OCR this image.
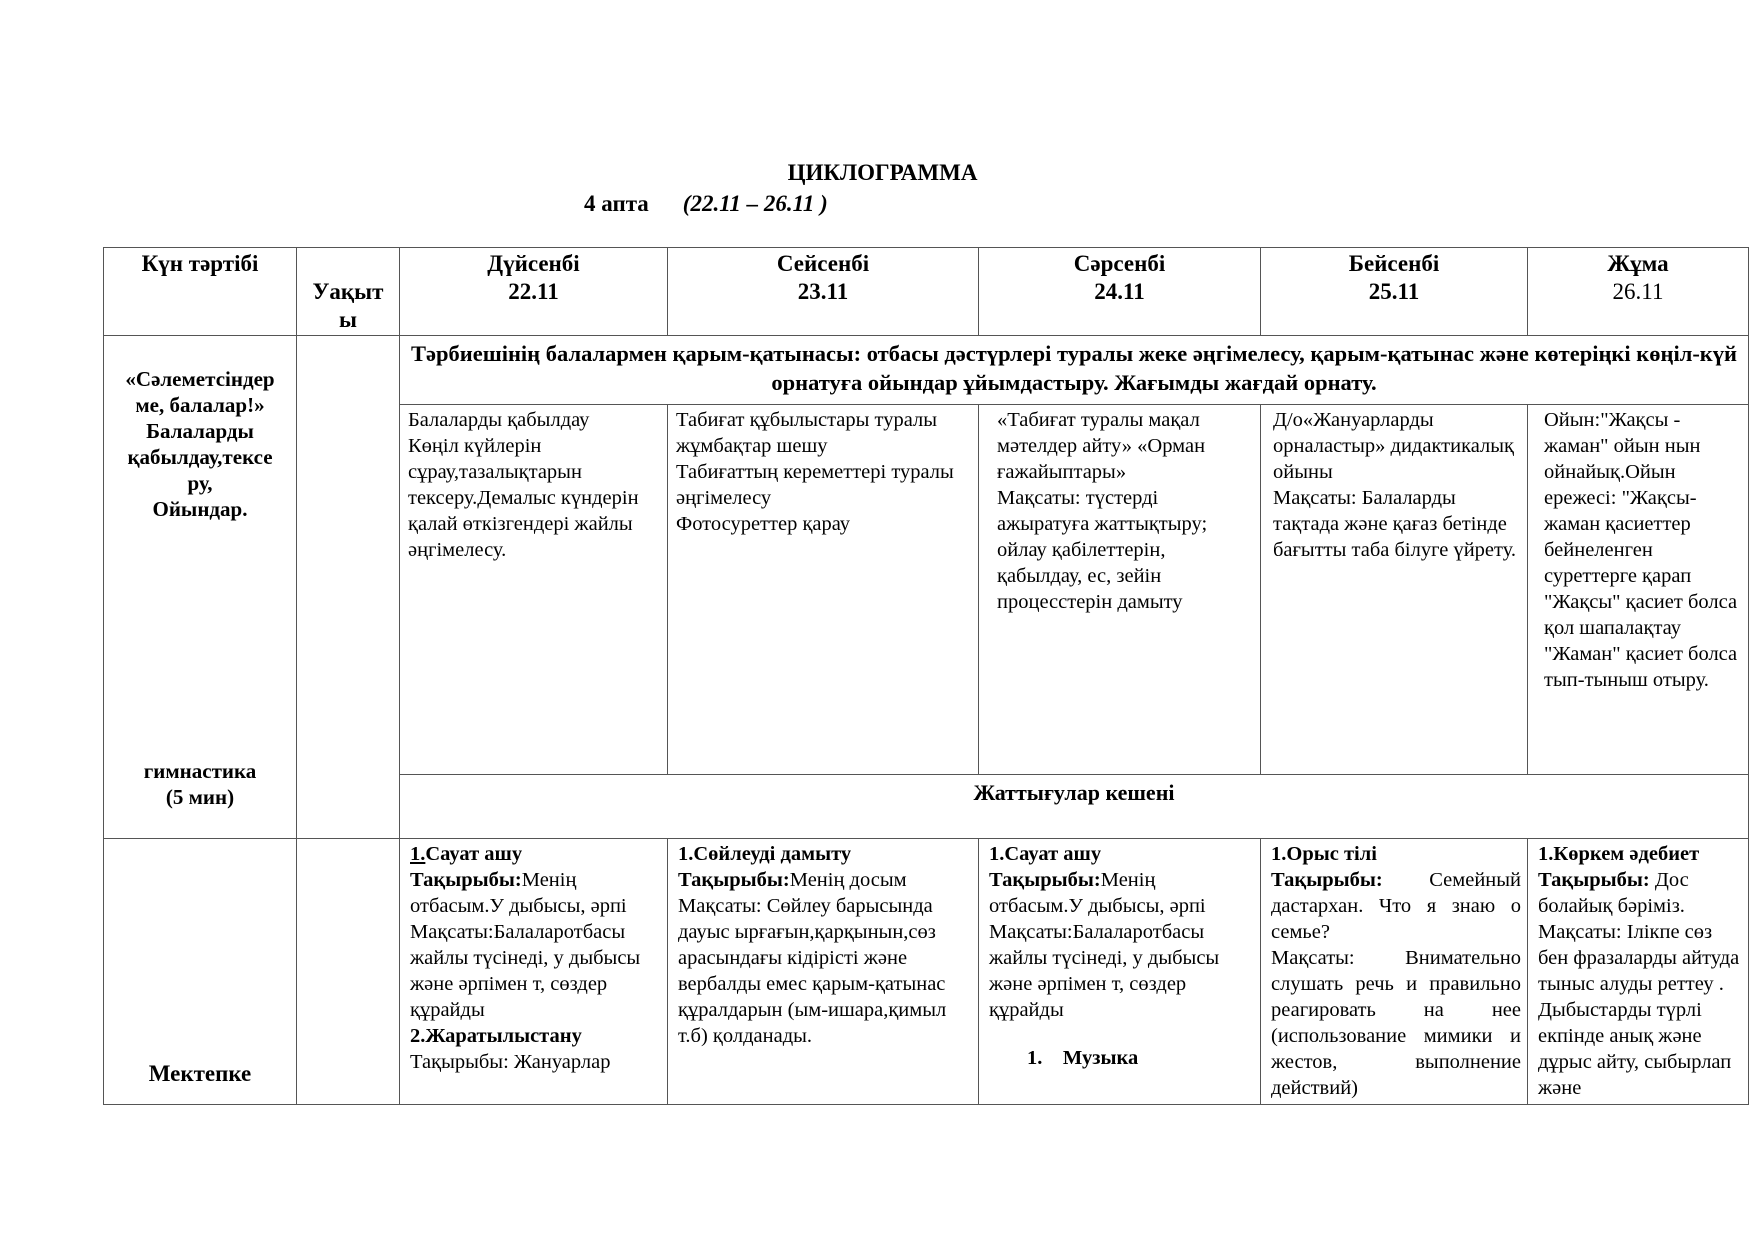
ЦИКЛОГРАММА
4 апта (22.11 – 26.11 )
Күн тәртібі

Уақыт
ы

Дүйсенбі
22.11
Сейсенбі
23.11
Сәрсенбі
24.11
Бейсенбі
25.11
Жұма
26.11
«Сәлеметсіндер
ме, балалар!»
Балаларды
қабылдау,тексе
ру,
Ойындар.
гимнастика
(5 мин)
Тәрбиешінің балалармен қарым-қатынасы: отбасы дәстүрлері туралы жеке әңгімелесу, қарым-қатынас және көтеріңкі көңіл-күй орнатуға ойындар ұйымдастыру. Жағымды жағдай орнату.
Балаларды қабылдау
Көңіл күйлерін сұрау,тазалықтарын тексеру.Демалыс күндерін қалай өткізгендері жайлы әңгімелесу.
Табиғат құбылыстары туралы жұмбақтар шешу
Табиғаттың кереметтері туралы әңгімелесу
Фотосуреттер қарау
«Табиғат туралы мақал мәтелдер айту» «Орман ғажайыптары»
Мақсаты: түстерді ажыратуға жаттықтыру; ойлау қабілеттерін, қабылдау, ес, зейін процесстерін дамыту
Д/о«Жануарларды орналастыр» дидактикалық ойыны
Мақсаты: Балаларды тақтада және қағаз бетінде бағытты таба білуге үйрету.
Ойын:"Жақсы - жаман" ойын нын ойнайық.Ойын ережесі: "Жақсы-жаман қасиеттер бейнеленген суреттерге қарап "Жақсы" қасиет болса қол шапалақтау "Жаман" қасиет болса тып-тыныш отыру.
Жаттығулар кешені
Мектепке
1.Сауат ашу
Тақырыбы:Менің отбасым.У дыбысы, әрпі
Мақсаты:Балаларотбасы жайлы түсінеді, у дыбысы және әрпімен т, сөздер құрайды
2.Жаратылыстану
Тақырыбы: Жануарлар
1.Сөйлеуді дамыту
Тақырыбы:Менің досым
Мақсаты: Сөйлеу барысында дауыс ырғағын,қарқынын,сөз арасындағы кідірісті және вербалды емес қарым-қатынас құралдарын (ым-ишара,қимыл т.б) қолданады.
1.Сауат ашу
Тақырыбы:Менің отбасым.У дыбысы, әрпі
Мақсаты:Балаларотбасы жайлы түсінеді, у дыбысы және әрпімен т, сөздер құрайды
1.    Музыка
1.Орыс тілі
Тақырыбы: Семейный дастархан. Что я знаю о семье?
Мақсаты: Внимательно слушать речь и правильно реагировать на нее (использование мимики и жестов, выполнение действий)
1.Көркем әдебиет
Тақырыбы: Дос болайық бәріміз.
Мақсаты: Ілікпе сөз бен фразаларды айтуда тыныс алуды реттеу . Дыбыстарды түрлі екпінде анық және дұрыс айту, сыбырлап және
